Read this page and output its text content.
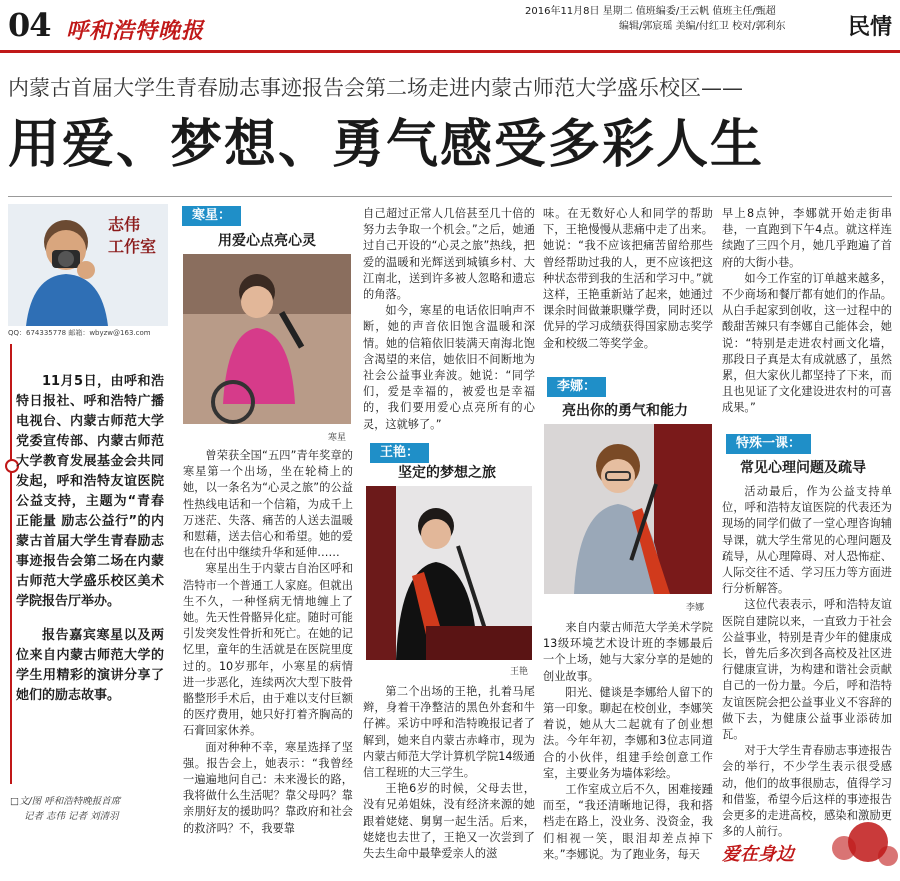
04 呼和浩特晚报
2016年11月8日 星期二 值班编委/王云帆 值班主任/甄超
编辑/郭宸瑶 美编/付红卫 校对/郭利东	民情
内蒙古首届大学生青春励志事迹报告会第二场走进内蒙古师范大学盛乐校区——
用爱、梦想、勇气感受多彩人生
志伟
工作室
QQ：674335778 邮箱：wbyzw@163.com

11月5日，由呼和浩特日报社、呼和浩特广播电视台、内蒙古师范大学党委宣传部、内蒙古师范大学教育发展基金会共同发起，呼和浩特友谊医院公益支持，主题为“青春正能量 励志公益行”的内蒙古首届大学生青春励志事迹报告会第二场在内蒙古师范大学盛乐校区美术学院报告厅举办。

报告嘉宾寒星以及两位来自内蒙古师范大学的学生用精彩的演讲分享了她们的励志故事。

□文/图 呼和浩特晚报首席
记者 志伟 记者 刘清羽
寒星：
用爱心点亮心灵
寒星

曾荣获全国“五四”青年奖章的寒星第一个出场，坐在轮椅上的她，以一条名为“心灵之旅”的公益性热线电话和一个信箱，为成千上万迷茫、失落、痛苦的人送去温暖和慰藉，送去信心和希望。她的爱也在付出中继续升华和延伸……

寒星出生于内蒙古自治区呼和浩特市一个普通工人家庭。但就出生不久，一种怪病无情地缠上了她。先天性骨骼异化症。随时可能引发突发性骨折和死亡。在她的记忆里，童年的生活就是在医院里度过的。10岁那年，小寒星的病情进一步恶化，连续两次大型下肢骨骼整形手术后，由于难以支付巨额的医疗费用，她只好打着齐胸高的石膏回家休养。

面对种种不幸，寒星选择了坚强。报告会上，她表示：“我曾经一遍遍地问自己：未来漫长的路，我将做什么生活呢？靠父母吗？靠亲朋好友的援助吗？靠政府和社会的救济吗？不，我要靠

自己超过正常人几倍甚至几十倍的努力去争取一个机会。”之后，她通过自己开设的“心灵之旅”热线，把爱的温暖和光辉送到城镇乡村、大江南北，送到许多被人忽略和遗忘的角落。

如今，寒星的电话依旧响声不断，她的声音依旧饱含温暖和深情。她的信箱依旧装满天南海北饱含渴望的来信，她依旧不间断地为社会公益事业奔波。她说：“同学们，爱是幸福的，被爱也是幸福的，我们要用爱心点亮所有的心灵，这就够了。”

王艳：
坚定的梦想之旅
王艳

第二个出场的王艳，扎着马尾辫，身着干净整洁的黑色外套和牛仔裤。采访中呼和浩特晚报记者了解到，她来自内蒙古赤峰市，现为内蒙古师范大学计算机学院14级通信工程班的大三学生。

王艳6岁的时候，父母去世，没有兄弟姐妹，没有经济来源的她跟着姥姥、舅舅一起生活。后来，姥姥也去世了，王艳又一次尝到了失去生命中最挚爱亲人的滋

味。在无数好心人和同学的帮助下，王艳慢慢从悲痛中走了出来。她说：“我不应该把痛苦留给那些曾经帮助过我的人，更不应该把这种状态带到我的生活和学习中。”就这样，王艳重新站了起来，她通过课余时间做兼职赚学费，同时还以优异的学习成绩获得国家励志奖学金和校级二等奖学金。

李娜：
亮出你的勇气和能力
李娜

来自内蒙古师范大学美术学院13级环境艺术设计班的李娜最后一个上场，她与大家分享的是她的创业故事。

阳光、健谈是李娜给人留下的第一印象。聊起在校创业，李娜笑着说，她从大二起就有了创业想法。今年年初，李娜和3位志同道合的小伙伴，组建手绘创意工作室，主要业务为墙体彩绘。

工作室成立后不久，困难接踵而至，“我还清晰地记得，我和搭档走在路上，没业务、没资金，我们相视一笑，眼泪却差点掉下来。”李娜说。为了跑业务，每天

早上8点钟，李娜就开始走街串巷，一直跑到下午4点。就这样连续跑了三四个月，她几乎跑遍了首府的大街小巷。

如今工作室的订单越来越多，不少商场和餐厅都有她们的作品。从白手起家到创收，这一过程中的酸甜苦辣只有李娜自己能体会，她说：“特别是走进农村画文化墙，那段日子真是太有成就感了，虽然累，但大家伙儿都坚持了下来，而且也见证了文化建设进农村的可喜成果。”

特殊一课：
常见心理问题及疏导

活动最后，作为公益支持单位，呼和浩特友谊医院的代表还为现场的同学们做了一堂心理咨询辅导课，就大学生常见的心理问题及疏导，从心理障碍、对人恐怖症、人际交往不适、学习压力等方面进行分析解答。

这位代表表示，呼和浩特友谊医院自建院以来，一直致力于社会公益事业，特别是青少年的健康成长，曾先后多次到各高校及社区进行健康宣讲，为构建和谐社会贡献自己的一份力量。今后，呼和浩特友谊医院会把公益事业义不容辞的做下去，为健康公益事业添砖加瓦。

对于大学生青春励志事迹报告会的举行，不少学生表示很受感动，他们的故事很励志，值得学习和借鉴，希望今后这样的事迹报告会更多的走进高校，感染和激励更多的人前行。

爱在身边
